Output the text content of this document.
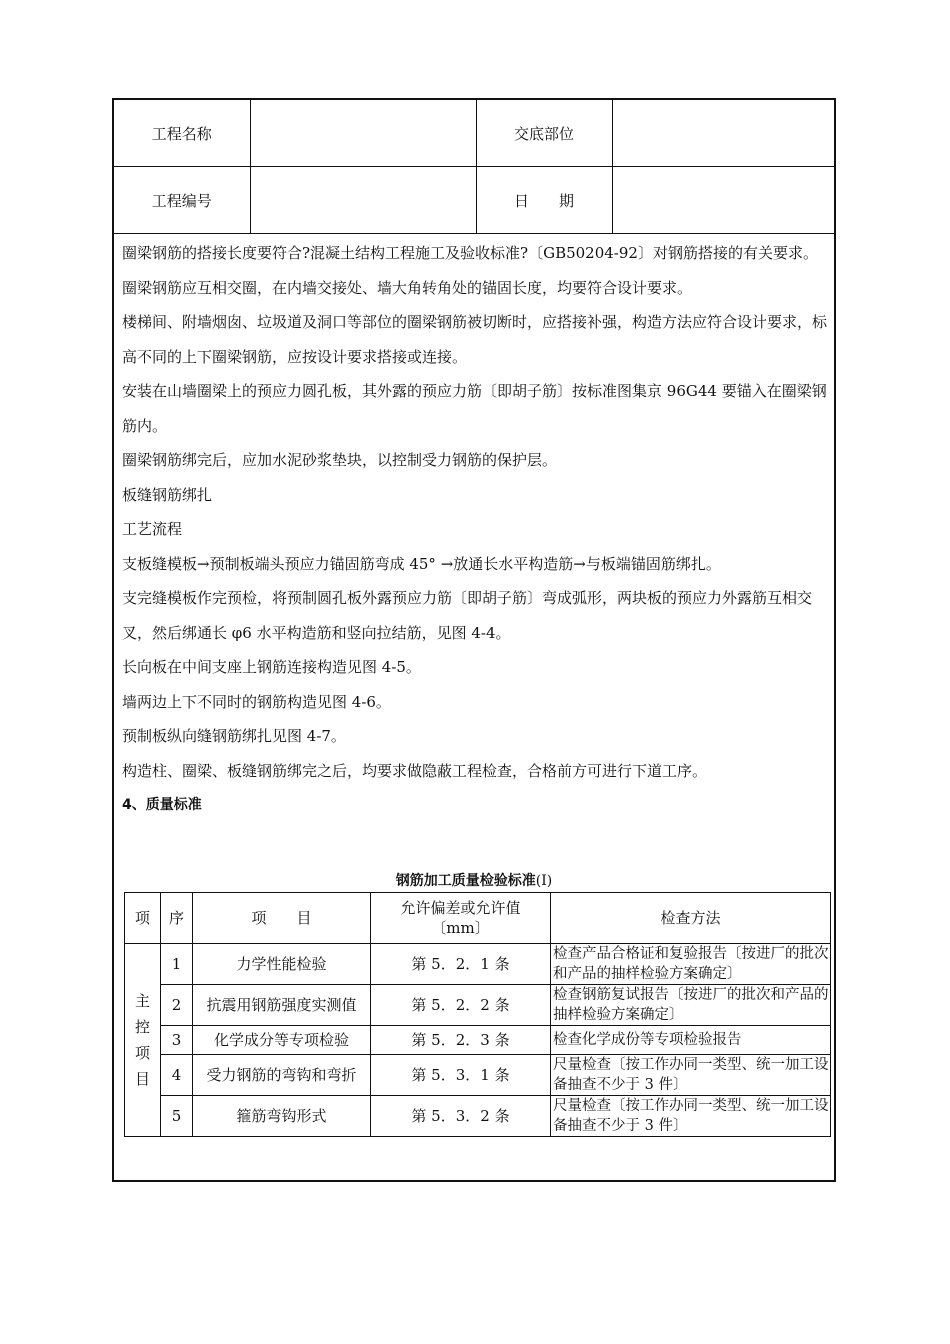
工程名称		交底部位	
工程编号		日　　期	

圈梁钢筋的搭接长度要符合?混凝土结构工程施工及验收标准?〔GB50204-92〕对钢筋搭接的有关要求。

圈梁钢筋应互相交圈，在内墙交接处、墙大角转角处的锚固长度，均要符合设计要求。

楼梯间、附墙烟囱、垃圾道及洞口等部位的圈梁钢筋被切断时，应搭接补强，构造方法应符合设计要求，标高不同的上下圈梁钢筋，应按设计要求搭接或连接。

安装在山墙圈梁上的预应力圆孔板，其外露的预应力筋〔即胡子筋〕按标准图集京 96G44 要锚入在圈梁钢筋内。

圈梁钢筋绑完后，应加水泥砂浆垫块，以控制受力钢筋的保护层。

板缝钢筋绑扎

工艺流程

支板缝模板→预制板端头预应力锚固筋弯成 45° →放通长水平构造筋→与板端锚固筋绑扎。

支完缝模板作完预检，将预制圆孔板外露预应力筋〔即胡子筋〕弯成弧形，两块板的预应力外露筋互相交叉，然后绑通长 φ6 水平构造筋和竖向拉结筋，见图 4-4。

长向板在中间支座上钢筋连接构造见图 4-5。

墙两边上下不同时的钢筋构造见图 4-6。

预制板纵向缝钢筋绑扎见图 4-7。

构造柱、圈梁、板缝钢筋绑完之后，均要求做隐蔽工程检查，合格前方可进行下道工序。

4、质量标准

钢筋加工质量检验标准(I)
项	序	项　　目	允许偏差或允许值〔mm〕	检查方法
主控项目	1	力学性能检验	第 5．2．1 条	检查产品合格证和复验报告〔按进厂的批次和产品的抽样检验方案确定〕
	2	抗震用钢筋强度实测值	第 5．2．2 条	检查钢筋复试报告〔按进厂的批次和产品的抽样检验方案确定〕
	3	化学成分等专项检验	第 5．2．3 条	检查化学成份等专项检验报告
	4	受力钢筋的弯钩和弯折	第 5．3．1 条	尺量检查〔按工作办同一类型、统一加工设备抽查不少于 3 件〕
	5	箍筋弯钩形式	第 5．3．2 条	尺量检查〔按工作办同一类型、统一加工设备抽查不少于 3 件〕
